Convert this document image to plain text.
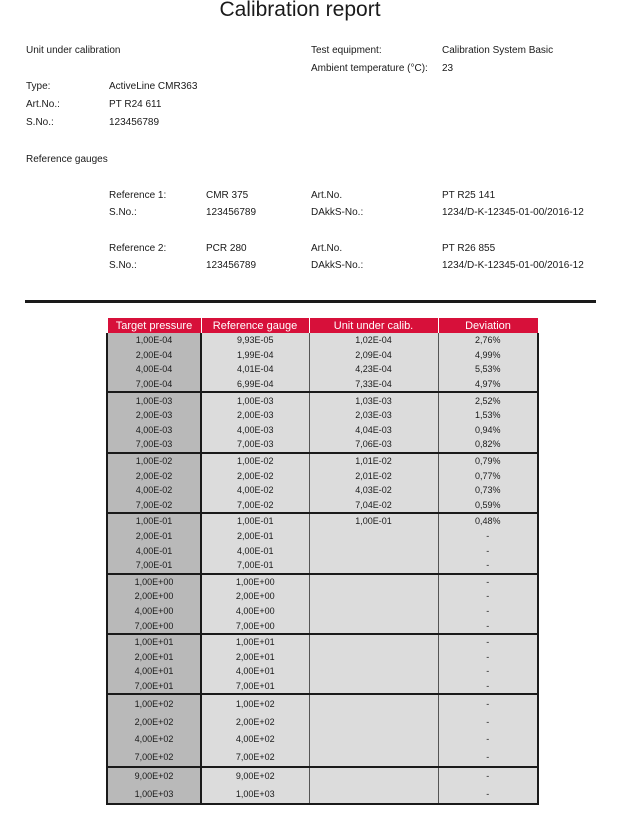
Calibration report
Unit under calibration	Test equipment:	Calibration System Basic
Ambient temperature (°C): 23
Type:	ActiveLine CMR363
Art.No.:	PT R24 611
S.No.:	123456789
Reference gauges
Reference 1:	CMR 375	Art.No.	PT R25 141
S.No.:	123456789	DAkkS-No.:	1234/D-K-12345-01-00/2016-12
Reference 2:	PCR 280	Art.No.	PT R26 855
S.No.:	123456789	DAkkS-No.:	1234/D-K-12345-01-00/2016-12
Target pressure	Reference gauge	Unit under calib.	Deviation
1,00E-04	9,93E-05	1,02E-04	2,76%
2,00E-04	1,99E-04	2,09E-04	4,99%
4,00E-04	4,01E-04	4,23E-04	5,53%
7,00E-04	6,99E-04	7,33E-04	4,97%
1,00E-03	1,00E-03	1,03E-03	2,52%
2,00E-03	2,00E-03	2,03E-03	1,53%
4,00E-03	4,00E-03	4,04E-03	0,94%
7,00E-03	7,00E-03	7,06E-03	0,82%
1,00E-02	1,00E-02	1,01E-02	0,79%
2,00E-02	2,00E-02	2,01E-02	0,77%
4,00E-02	4,00E-02	4,03E-02	0,73%
7,00E-02	7,00E-02	7,04E-02	0,59%
1,00E-01	1,00E-01	1,00E-01	0,48%
2,00E-01	2,00E-01		-
4,00E-01	4,00E-01		-
7,00E-01	7,00E-01		-
1,00E+00	1,00E+00		-
2,00E+00	2,00E+00		-
4,00E+00	4,00E+00		-
7,00E+00	7,00E+00		-
1,00E+01	1,00E+01		-
2,00E+01	2,00E+01		-
4,00E+01	4,00E+01		-
7,00E+01	7,00E+01		-
1,00E+02	1,00E+02		-
2,00E+02	2,00E+02		-
4,00E+02	4,00E+02		-
7,00E+02	7,00E+02		-
9,00E+02	9,00E+02		-
1,00E+03	1,00E+03		-
